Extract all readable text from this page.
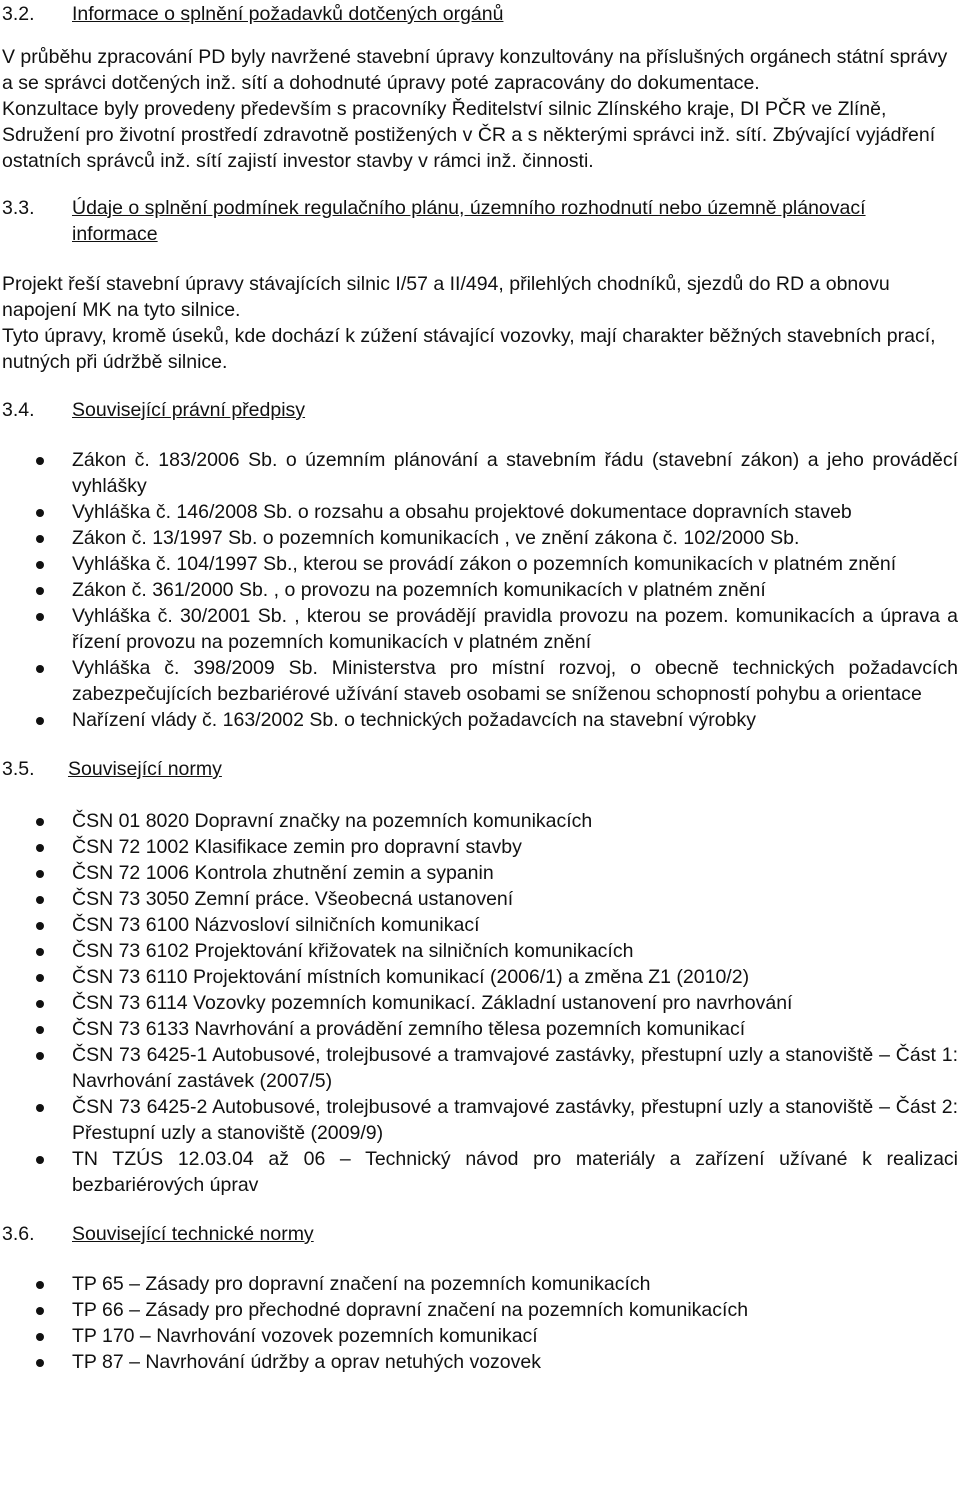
3.2.	Informace o splnění požadavků dotčených orgánů

V průběhu zpracování PD byly navržené stavební úpravy konzultovány na příslušných orgánech státní správy a se správci dotčených inž. sítí a dohodnuté úpravy poté zapracovány do dokumentace.

Konzultace byly provedeny především s pracovníky Ředitelství silnic Zlínského kraje, DI PČR ve Zlíně, Sdružení pro životní prostředí zdravotně postižených v ČR a s některými správci inž. sítí. Zbývající vyjádření ostatních správců inž. sítí zajistí investor stavby v rámci inž. činnosti.

3.3.	Údaje o splnění podmínek regulačního plánu, územního rozhodnutí nebo územně plánovací informace

Projekt řeší stavební úpravy stávajících silnic I/57 a II/494, přilehlých chodníků, sjezdů do RD a obnovu napojení MK na tyto silnice.

Tyto úpravy, kromě úseků, kde dochází k zúžení stávající vozovky, mají charakter běžných stavebních prací, nutných při údržbě silnice.

3.4.	Související právní předpisy
Zákon č. 183/2006 Sb. o územním plánování a stavebním řádu (stavební zákon) a jeho prováděcí vyhlášky
Vyhláška č. 146/2008 Sb. o rozsahu a obsahu projektové dokumentace dopravních staveb
Zákon č. 13/1997 Sb. o pozemních komunikacích , ve znění zákona č. 102/2000 Sb.
Vyhláška č. 104/1997 Sb., kterou se provádí zákon o pozemních komunikacích v platném znění
Zákon č. 361/2000 Sb. , o provozu na pozemních komunikacích v platném znění
Vyhláška č. 30/2001 Sb. , kterou se provádějí pravidla provozu na pozem. komunikacích a úprava a řízení provozu na pozemních komunikacích v platném znění
Vyhláška č. 398/2009 Sb. Ministerstva pro místní rozvoj, o obecně technických požadavcích zabezpečujících bezbariérové užívání staveb osobami se sníženou schopností pohybu a orientace
Nařízení vlády č. 163/2002 Sb. o technických požadavcích na stavební výrobky
3.5.	Související normy
ČSN 01 8020 Dopravní značky na pozemních komunikacích
ČSN 72 1002 Klasifikace zemin pro dopravní stavby
ČSN 72 1006 Kontrola zhutnění zemin a sypanin
ČSN 73 3050 Zemní práce. Všeobecná ustanovení
ČSN 73 6100 Názvosloví silničních komunikací
ČSN 73 6102 Projektování křižovatek na silničních komunikacích
ČSN 73 6110 Projektování místních komunikací (2006/1) a změna Z1 (2010/2)
ČSN 73 6114 Vozovky pozemních komunikací. Základní ustanovení pro navrhování
ČSN 73 6133 Navrhování a provádění zemního tělesa pozemních komunikací
ČSN 73 6425-1 Autobusové, trolejbusové a tramvajové zastávky, přestupní uzly a stanoviště – Část 1: Navrhování zastávek (2007/5)
ČSN 73 6425-2 Autobusové, trolejbusové a tramvajové zastávky, přestupní uzly a stanoviště – Část 2: Přestupní uzly a stanoviště (2009/9)
TN TZÚS 12.03.04 až 06 – Technický návod pro materiály a zařízení užívané k realizaci bezbariérových úprav
3.6.	Související technické normy
TP 65 – Zásady pro dopravní značení na pozemních komunikacích
TP 66 – Zásady pro přechodné dopravní značení na pozemních komunikacích
TP 170 – Navrhování vozovek pozemních komunikací
TP 87 – Navrhování údržby a oprav netuhých vozovek
